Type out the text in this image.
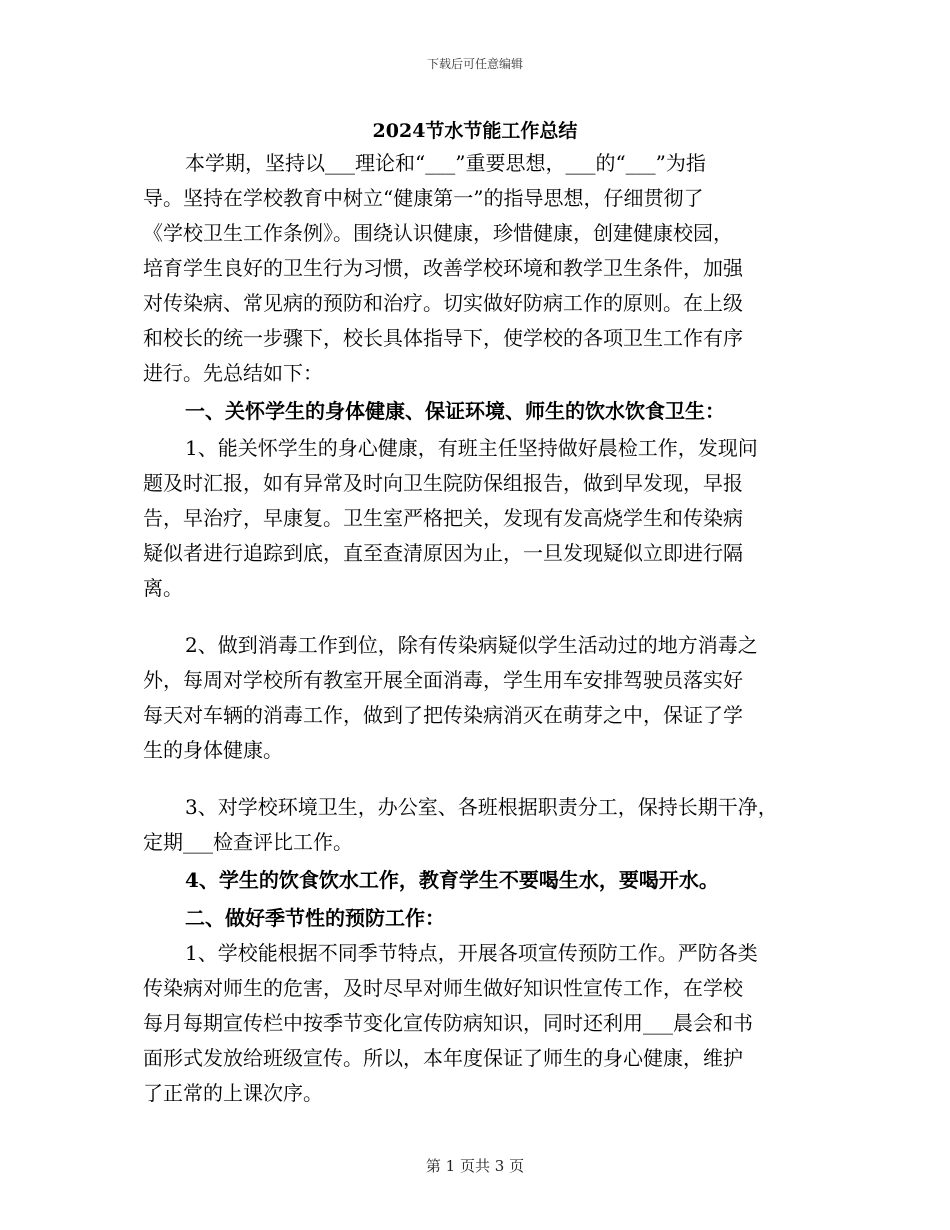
下载后可任意编辑
2024节水节能工作总结
本学期，坚持以___理论和“___”重要思想，___的“___”为指
导。坚持在学校教育中树立“健康第一”的指导思想，仔细贯彻了
《学校卫生工作条例》。围绕认识健康，珍惜健康，创建健康校园，
培育学生良好的卫生行为习惯，改善学校环境和教学卫生条件，加强
对传染病、常见病的预防和治疗。切实做好防病工作的原则。在上级
和校长的统一步骤下，校长具体指导下，使学校的各项卫生工作有序
进行。先总结如下：
一、关怀学生的身体健康、保证环境、师生的饮水饮食卫生：
1、能关怀学生的身心健康，有班主任坚持做好晨检工作，发现问
题及时汇报，如有异常及时向卫生院防保组报告，做到早发现，早报
告，早治疗，早康复。卫生室严格把关，发现有发高烧学生和传染病
疑似者进行追踪到底，直至查清原因为止，一旦发现疑似立即进行隔
离。
2、做到消毒工作到位，除有传染病疑似学生活动过的地方消毒之
外，每周对学校所有教室开展全面消毒，学生用车安排驾驶员落实好
每天对车辆的消毒工作，做到了把传染病消灭在萌芽之中，保证了学
生的身体健康。
3、对学校环境卫生，办公室、各班根据职责分工，保持长期干净，
定期___检查评比工作。
4、学生的饮食饮水工作，教育学生不要喝生水，要喝开水。
二、做好季节性的预防工作：
1、学校能根据不同季节特点，开展各项宣传预防工作。严防各类
传染病对师生的危害，及时尽早对师生做好知识性宣传工作，在学校
每月每期宣传栏中按季节变化宣传防病知识，同时还利用___晨会和书
面形式发放给班级宣传。所以，本年度保证了师生的身心健康，维护
了正常的上课次序。
第 1 页共 3 页
